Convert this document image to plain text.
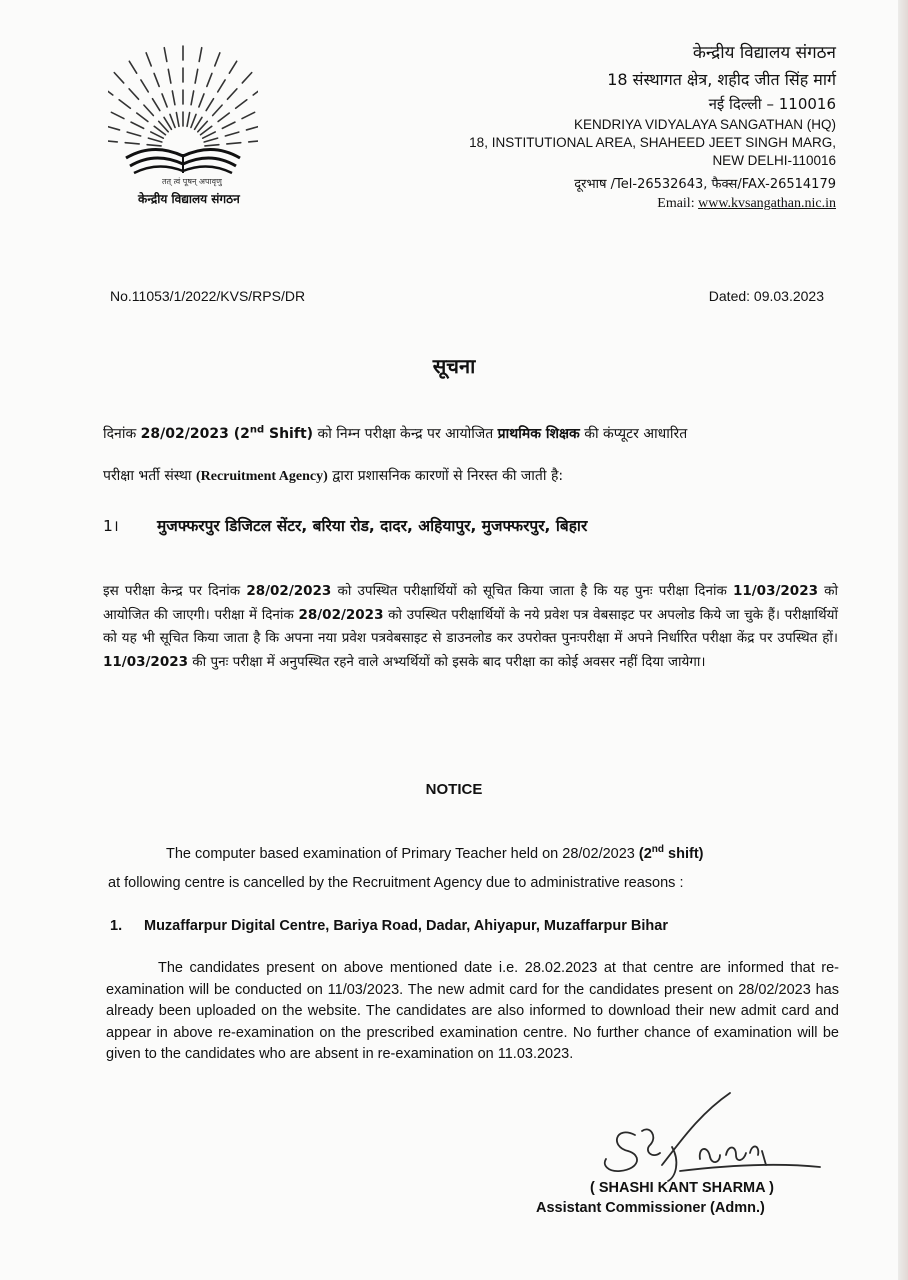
तत् त्वं पूषन् अपावृणु
केन्द्रीय विद्यालय संगठन
केन्द्रीय विद्यालय संगठन
18 संस्थागत क्षेत्र, शहीद जीत सिंह मार्ग
नई दिल्ली – 110016
KENDRIYA VIDYALAYA SANGATHAN (HQ)
18, INSTITUTIONAL AREA, SHAHEED JEET SINGH MARG,
NEW DELHI-110016
दूरभाष /Tel-26532643, फैक्स/FAX-26514179
Email: www.kvsangathan.nic.in
No.11053/1/2022/KVS/RPS/DR	Dated: 09.03.2023
सूचना
दिनांक 28/02/2023 (2nd Shift) को निम्न परीक्षा केन्द्र पर आयोजित प्राथमिक शिक्षक की कंप्यूटर आधारित
परीक्षा भर्ती संस्था (Recruitment Agency) द्वारा प्रशासनिक कारणों से निरस्त की जाती है:
1। मुजफ्फरपुर डिजिटल सेंटर, बरिया रोड, दादर, अहियापुर, मुजफ्फरपुर, बिहार
इस परीक्षा केन्द्र पर दिनांक 28/02/2023 को उपस्थित परीक्षार्थियों को सूचित किया जाता है कि यह पुनः परीक्षा दिनांक 11/03/2023 को आयोजित की जाएगी। परीक्षा में दिनांक 28/02/2023 को उपस्थित परीक्षार्थियों के नये प्रवेश पत्र वेबसाइट पर अपलोड किये जा चुके हैं। परीक्षार्थियों को यह भी सूचित किया जाता है कि अपना नया प्रवेश पत्रवेबसाइट से डाउनलोड कर उपरोक्त पुनःपरीक्षा में अपने निर्धारित परीक्षा केंद्र पर उपस्थित हों। 11/03/2023 की पुनः परीक्षा में अनुपस्थित रहने वाले अभ्यर्थियों को इसके बाद परीक्षा का कोई अवसर नहीं दिया जायेगा।
NOTICE
The computer based examination of Primary Teacher held on 28/02/2023 (2nd shift)
at following centre is cancelled by the Recruitment Agency due to administrative reasons :
1. Muzaffarpur Digital Centre, Bariya Road, Dadar, Ahiyapur, Muzaffarpur Bihar
The candidates present on above mentioned date i.e. 28.02.2023 at that centre are informed that re-examination will be conducted on 11/03/2023. The new admit card for the candidates present on 28/02/2023 has already been uploaded on the website. The candidates are also informed to download their new admit card and appear in above re-examination on the prescribed examination centre. No further chance of examination will be given to the candidates who are absent in re-examination on 11.03.2023.
( SHASHI KANT SHARMA )
Assistant Commissioner (Admn.)
